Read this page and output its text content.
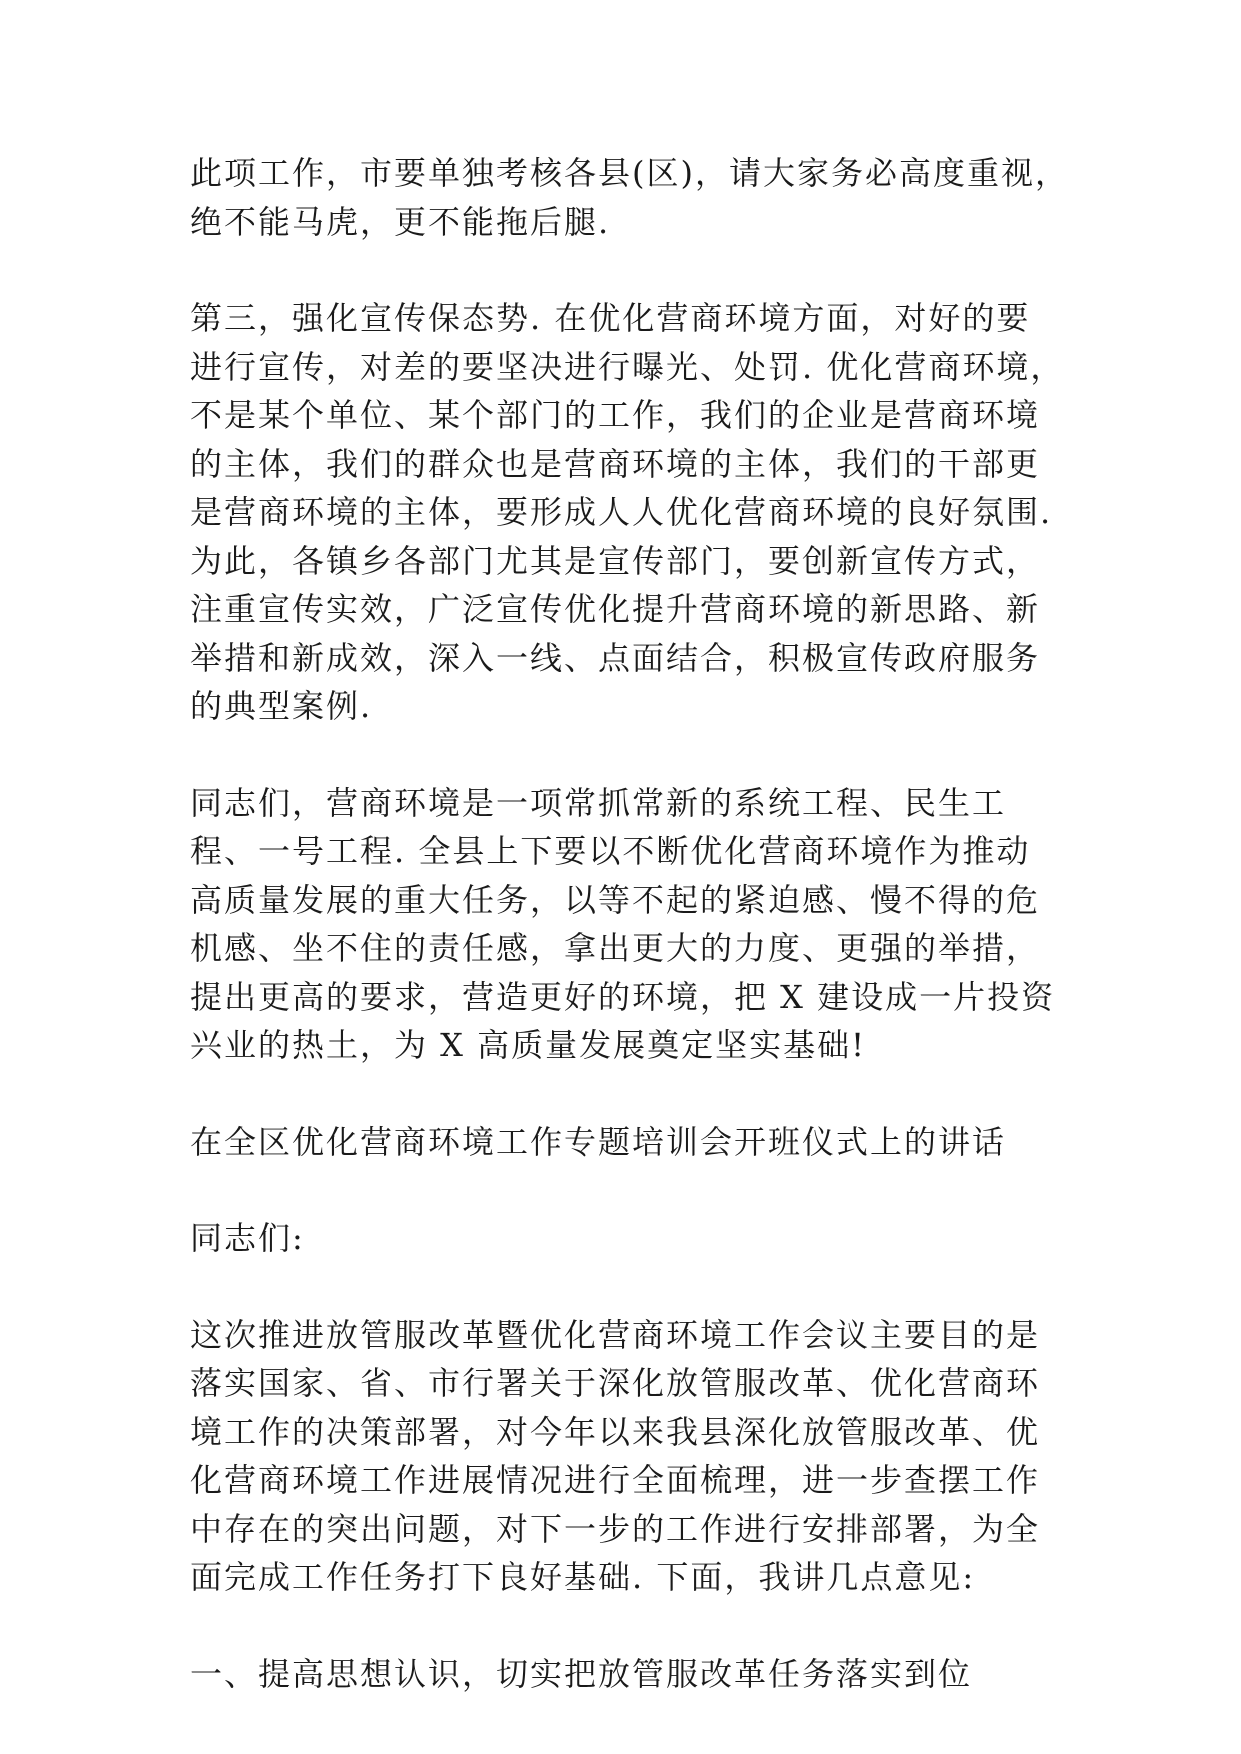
此项工作，市要单独考核各县(区)，请大家务必高度重视，
绝不能马虎，更不能拖后腿.

第三，强化宣传保态势. 在优化营商环境方面，对好的要
进行宣传，对差的要坚决进行曝光、处罚. 优化营商环境，
不是某个单位、某个部门的工作，我们的企业是营商环境
的主体，我们的群众也是营商环境的主体，我们的干部更
是营商环境的主体，要形成人人优化营商环境的良好氛围.
为此，各镇乡各部门尤其是宣传部门，要创新宣传方式，
注重宣传实效，广泛宣传优化提升营商环境的新思路、新
举措和新成效，深入一线、点面结合，积极宣传政府服务
的典型案例.

同志们，营商环境是一项常抓常新的系统工程、民生工
程、一号工程. 全县上下要以不断优化营商环境作为推动
高质量发展的重大任务，以等不起的紧迫感、慢不得的危
机感、坐不住的责任感，拿出更大的力度、更强的举措，
提出更高的要求，营造更好的环境，把 X 建设成一片投资
兴业的热土，为 X 高质量发展奠定坚实基础!

在全区优化营商环境工作专题培训会开班仪式上的讲话

同志们:

这次推进放管服改革暨优化营商环境工作会议主要目的是
落实国家、省、市行署关于深化放管服改革、优化营商环
境工作的决策部署，对今年以来我县深化放管服改革、优
化营商环境工作进展情况进行全面梳理，进一步查摆工作
中存在的突出问题，对下一步的工作进行安排部署，为全
面完成工作任务打下良好基础. 下面，我讲几点意见:

一、提高思想认识，切实把放管服改革任务落实到位
